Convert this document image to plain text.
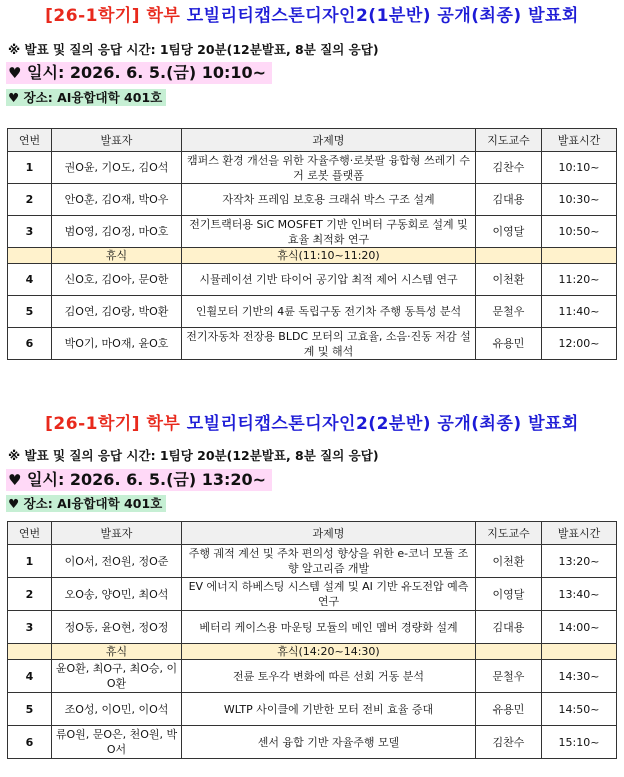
[26-1학기] 학부 모빌리티캡스톤디자인2(1분반) 공개(최종) 발표회
※ 발표 및 질의 응답 시간: 1팀당 20분(12분발표, 8분 질의 응답)
♥ 일시: 2026. 6. 5.(금) 10:10~
♥ 장소: AI융합대학 401호
연번	발표자	과제명	지도교수	발표시간
1	권O윤, 기O도, 김O석	캠퍼스 환경 개선을 위한 자율주행·로봇팔 융합형 쓰레기 수거 로봇 플랫폼	김찬수	10:10~
2	안O훈, 김O재, 박O우	자작차 프레임 보호용 크래쉬 박스 구조 설계	김대용	10:30~
3	범O영, 김O정, 마O호	전기트랙터용 SiC MOSFET 기반 인버터 구동회로 설계 및 효율 최적화 연구	이영달	10:50~
	휴식	휴식(11:10~11:20)		
4	신O호, 김O아, 문O한	시뮬레이션 기반 타이어 공기압 최적 제어 시스템 연구	이천환	11:20~
5	김O연, 김O랑, 박O환	인휠모터 기반의 4륜 독립구동 전기차 주행 동특성 분석	문철우	11:40~
6	박O기, 마O재, 윤O호	전기자동차 전장용 BLDC 모터의 고효율, 소음·진동 저감 설계 및 해석	유용민	12:00~
[26-1학기] 학부 모빌리티캡스톤디자인2(2분반) 공개(최종) 발표회
※ 발표 및 질의 응답 시간: 1팀당 20분(12분발표, 8분 질의 응답)
♥ 일시: 2026. 6. 5.(금) 13:20~
♥ 장소: AI융합대학 401호
연번	발표자	과제명	지도교수	발표시간
1	이O서, 전O원, 정O준	주행 궤적 계선 및 주차 편의성 향상을 위한 e-코너 모듈 조향 알고리즘 개발	이천환	13:20~
2	오O송, 양O민, 최O석	EV 에너지 하베스팅 시스템 설계 및 AI 기반 유도전압 예측 연구	이영달	13:40~
3	정O동, 윤O현, 정O정	베터리 케이스용 마운팅 모듈의 메인 멤버 경량화 설계	김대용	14:00~
	휴식	휴식(14:20~14:30)		
4	윤O환, 최O구, 최O승, 이O환	전륜 토우각 변화에 따른 선회 거동 분석	문철우	14:30~
5	조O성, 이O민, 이O석	WLTP 사이클에 기반한 모터 전비 효율 증대	유용민	14:50~
6	류O원, 문O은, 천O원, 박O서	센서 융합 기반 자율주행 모델	김찬수	15:10~
